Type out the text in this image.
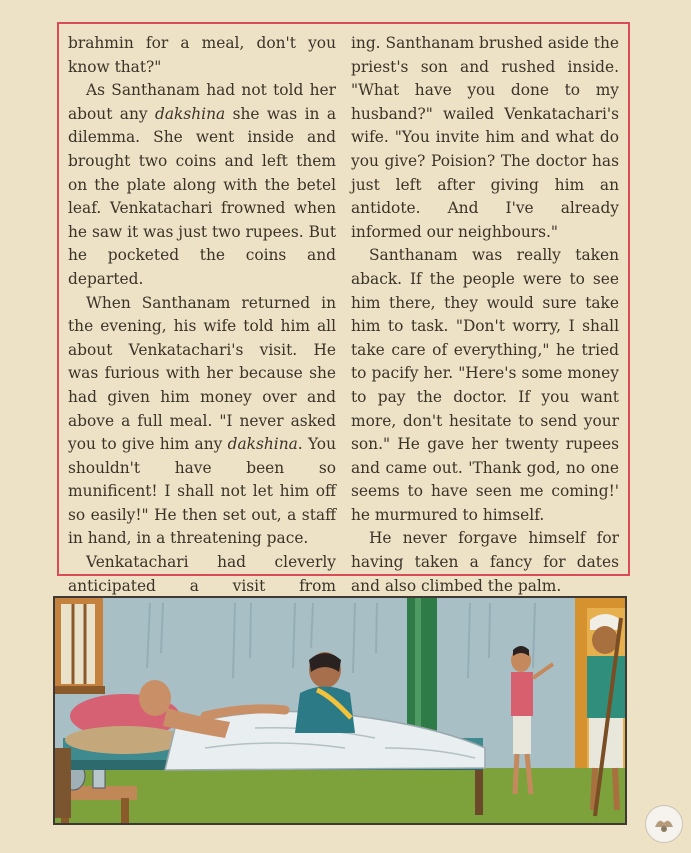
brahmin for a meal, don't you know that?"

As Santhanam had not told her about any dakshina she was in a dilemma. She went inside and brought two coins and left them on the plate along with the betel leaf. Venkatachari frowned when he saw it was just two rupees. But he pocketed the coins and departed.

When Santhanam returned in the evening, his wife told him all about Venkatachari's visit. He was furious with her because she had given him money over and above a full meal. "I never asked you to give him any dakshina. You shouldn't have been so munificent! I shall not let him off so easily!" He then set out, a staff in hand, in a threatening pace.

Venkatachari had cleverly anticipated a visit from

ing. Santhanam brushed aside the priest's son and rushed inside. "What have you done to my husband?" wailed Venkatachari's wife. "You invite him and what do you give? Poision? The doctor has just left after giving him an antidote. And I've already informed our neighbours."

Santhanam was really taken aback. If the people were to see him there, they would sure take him to task. "Don't worry, I shall take care of everything," he tried to pacify her. "Here's some money to pay the doctor. If you want more, don't hesitate to send your son." He gave her twenty rupees and came out. 'Thank god, no one seems to have seen me coming!' he murmured to himself.

He never forgave himself for having taken a fancy for dates and also climbed the palm.
